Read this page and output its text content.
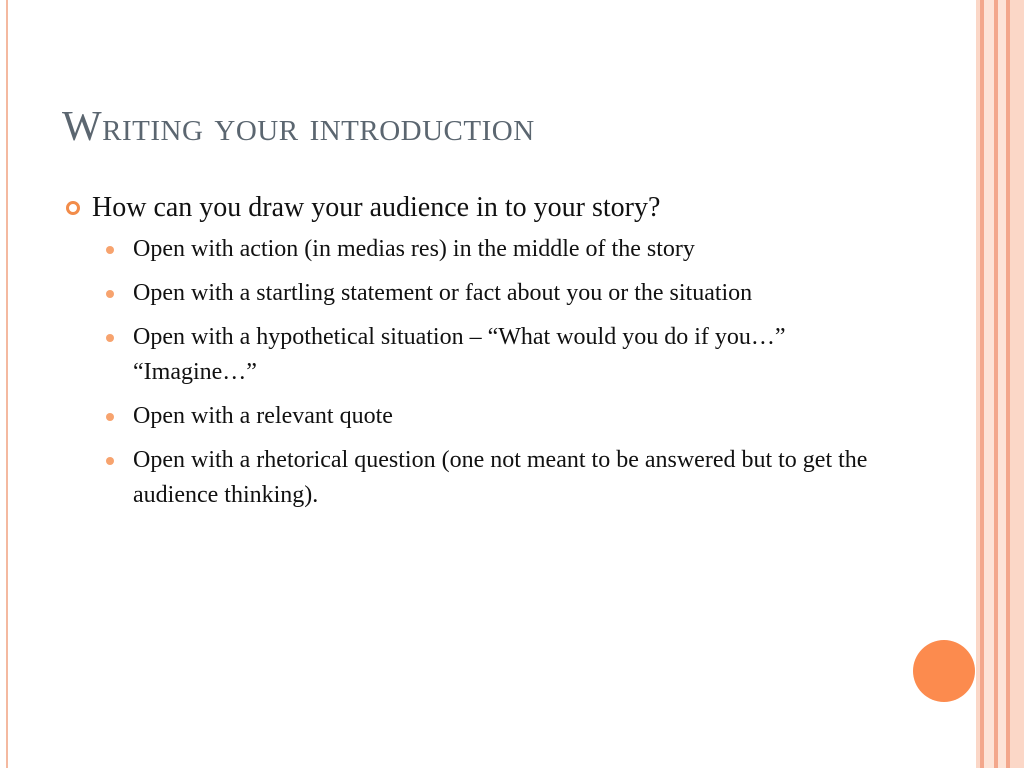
Writing your introduction
How can you draw your audience in to your story?
Open with action (in medias res) in the middle of the story
Open with a startling statement or fact about you or the situation
Open with a hypothetical situation – “What would you do if you…” “Imagine…”
Open with a relevant quote
Open with a rhetorical question (one not meant to be answered but to get the audience thinking).
